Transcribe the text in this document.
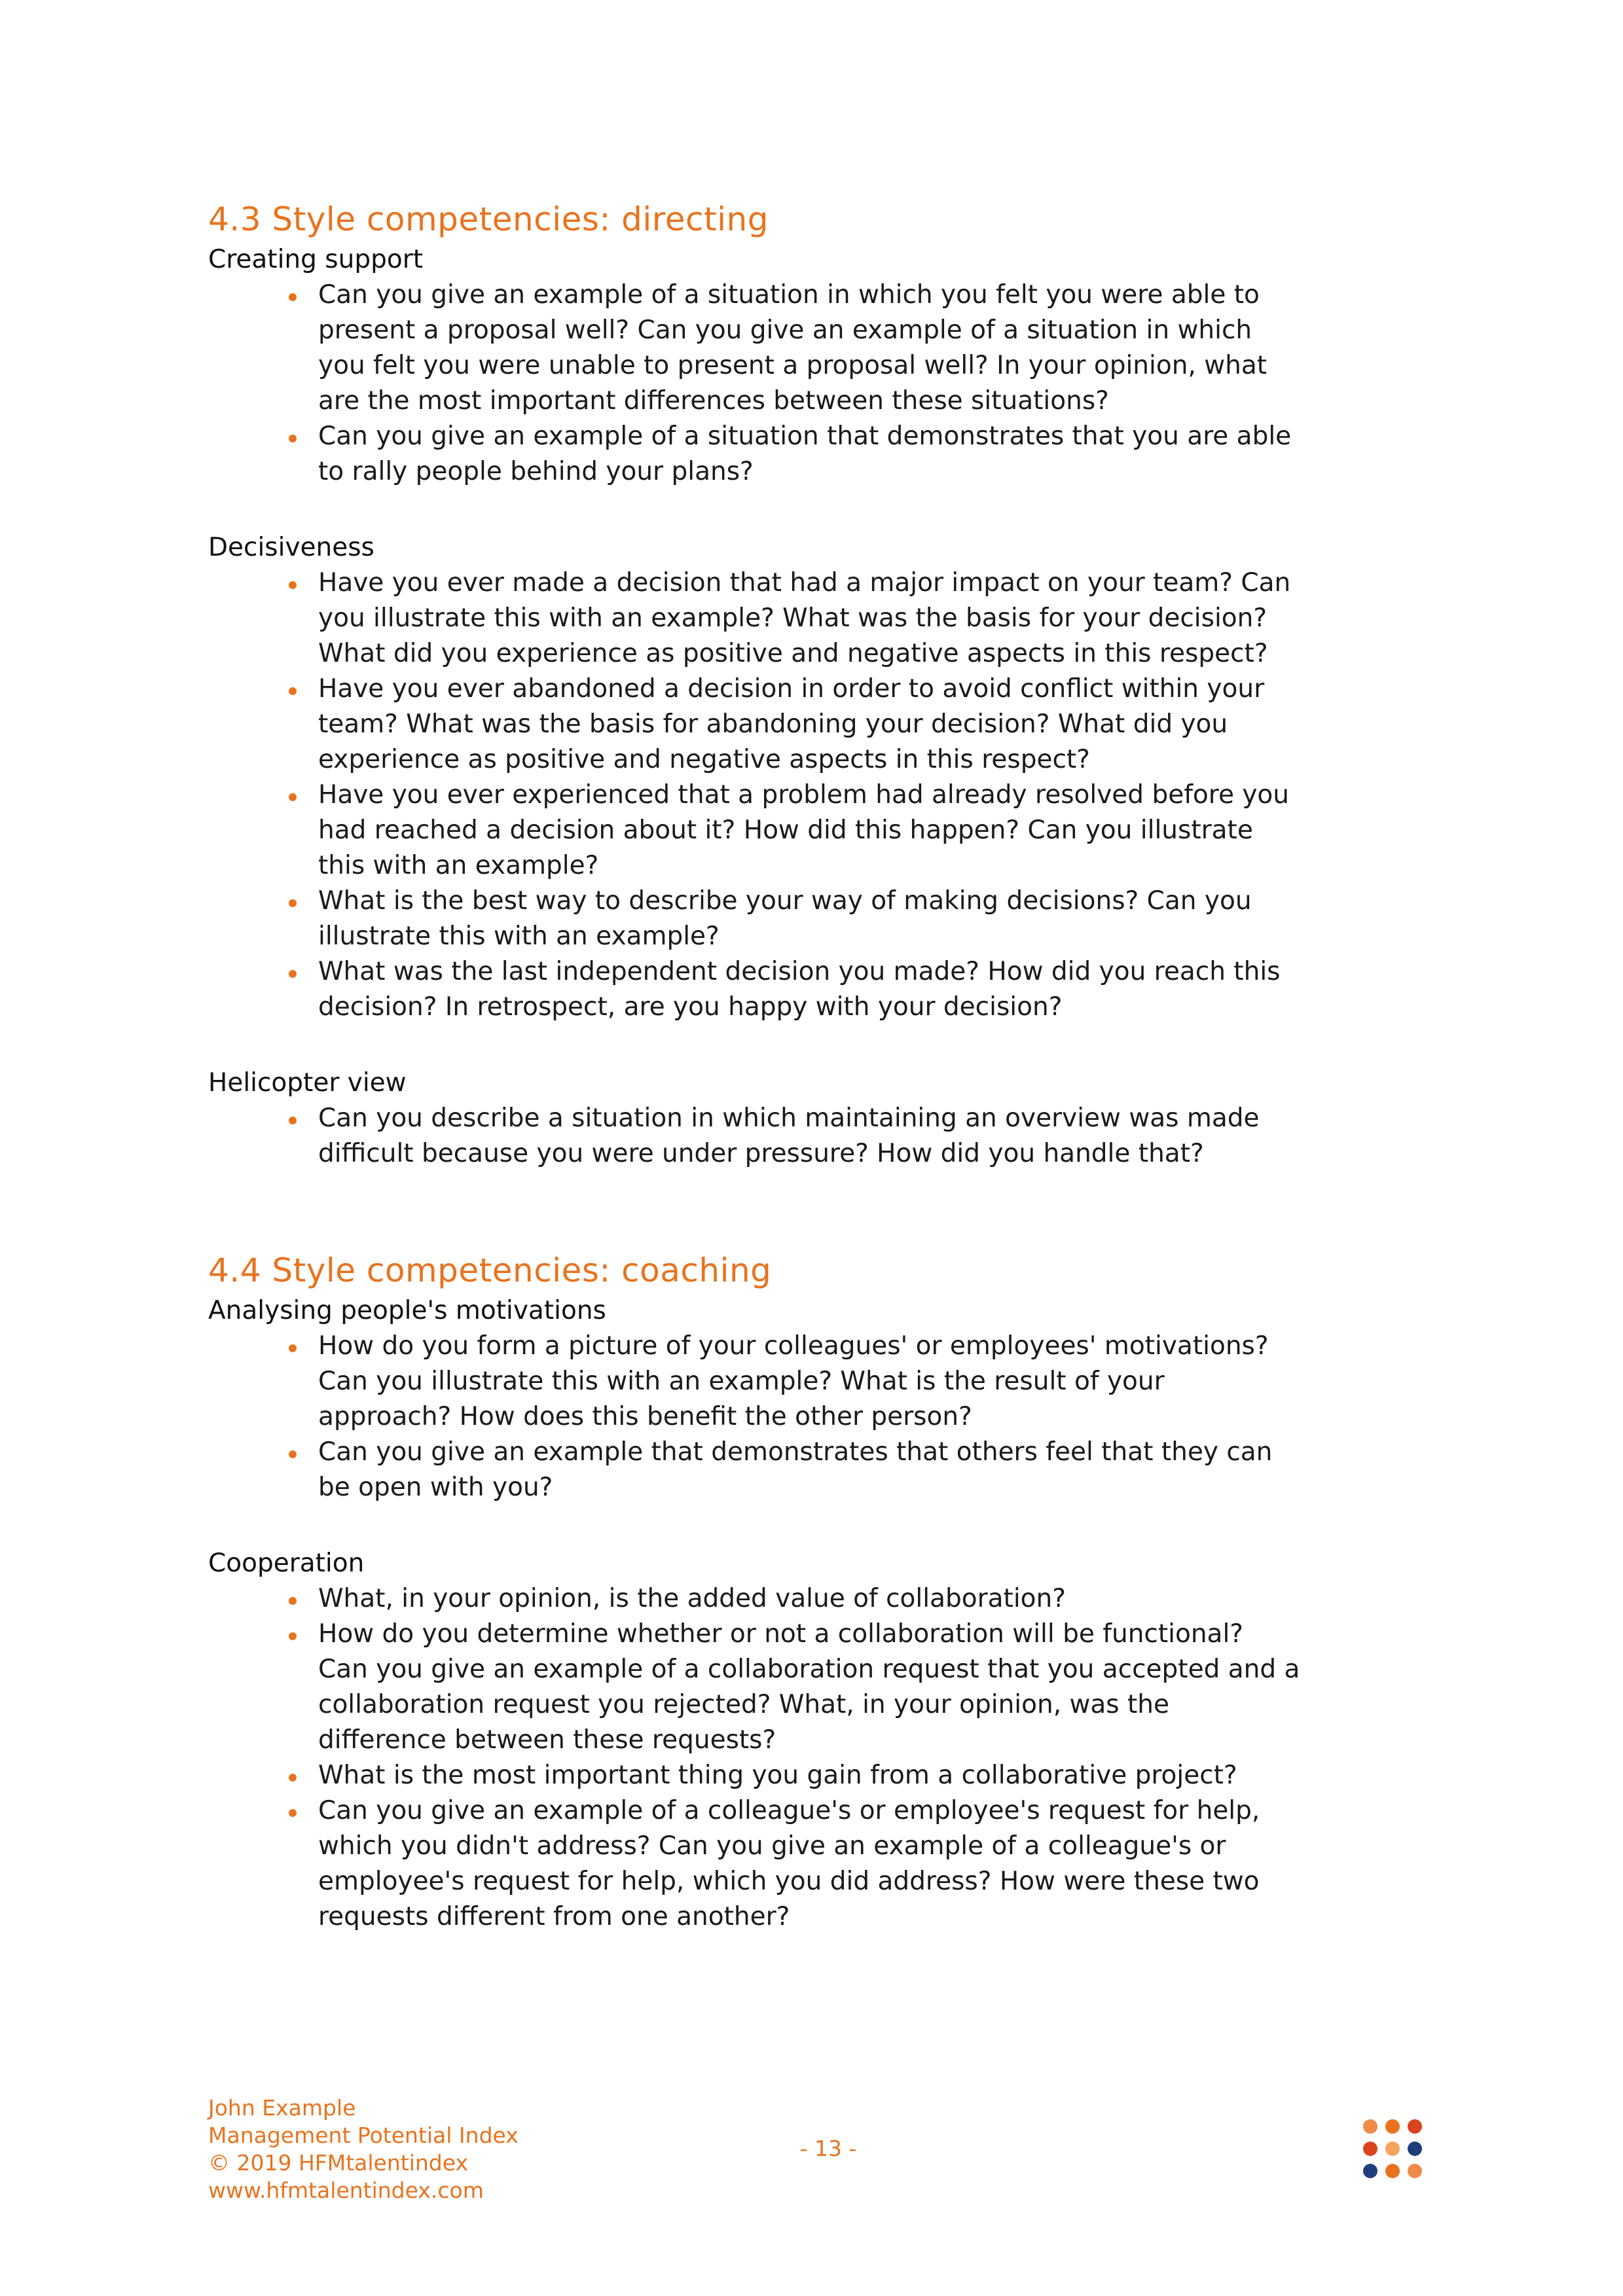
4.3 Style competencies: directing
Creating support
Can you give an example of a situation in which you felt you were able to
present a proposal well? Can you give an example of a situation in which
you felt you were unable to present a proposal well? In your opinion, what
are the most important differences between these situations?
Can you give an example of a situation that demonstrates that you are able
to rally people behind your plans?
Decisiveness
Have you ever made a decision that had a major impact on your team? Can
you illustrate this with an example? What was the basis for your decision?
What did you experience as positive and negative aspects in this respect?
Have you ever abandoned a decision in order to avoid conflict within your
team? What was the basis for abandoning your decision? What did you
experience as positive and negative aspects in this respect?
Have you ever experienced that a problem had already resolved before you
had reached a decision about it? How did this happen? Can you illustrate
this with an example?
What is the best way to describe your way of making decisions? Can you
illustrate this with an example?
What was the last independent decision you made? How did you reach this
decision? In retrospect, are you happy with your decision?
Helicopter view
Can you describe a situation in which maintaining an overview was made
difficult because you were under pressure? How did you handle that?
4.4 Style competencies: coaching
Analysing people's motivations
How do you form a picture of your colleagues' or employees' motivations?
Can you illustrate this with an example? What is the result of your
approach? How does this benefit the other person?
Can you give an example that demonstrates that others feel that they can
be open with you?
Cooperation
What, in your opinion, is the added value of collaboration?
How do you determine whether or not a collaboration will be functional?
Can you give an example of a collaboration request that you accepted and a
collaboration request you rejected? What, in your opinion, was the
difference between these requests?
What is the most important thing you gain from a collaborative project?
Can you give an example of a colleague's or employee's request for help,
which you didn't address? Can you give an example of a colleague's or
employee's request for help, which you did address? How were these two
requests different from one another?
John Example
Management Potential Index
© 2019 HFMtalentindex
www.hfmtalentindex.com
- 13 -
